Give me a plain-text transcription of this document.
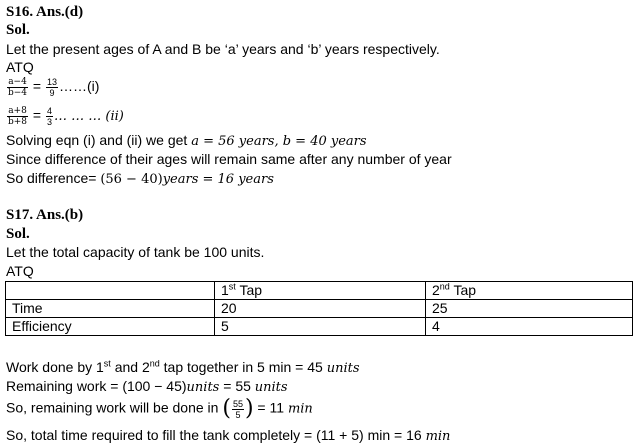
S16. Ans.(d)
Sol.
Let the present ages of A and B be ‘a’ years and ‘b’ years respectively.
ATQ
$\frac{a-4}{b-4} = \frac{13}{9}$ ……(i)
$\frac{a+8}{b+8} = \frac{4}{3}$ … … … (ii)
Solving eqn (i) and (ii) we get a = 56 years, b = 40 years
Since difference of their ages will remain same after any number of year
So difference= (56 − 40)years = 16 years
S17. Ans.(b)
Sol.
Let the total capacity of tank be 100 units.
ATQ
	1st Tap	2nd Tap
Time	20	25
Efficiency	5	4
Work done by 1st and 2nd tap together in 5 min = 45 units
Remaining work = (100 − 45)units = 55 units
So, remaining work will be done in ( $\frac{55}{5}$ ) = 11 min
So, total time required to fill the tank completely = (11 + 5) min = 16 min
